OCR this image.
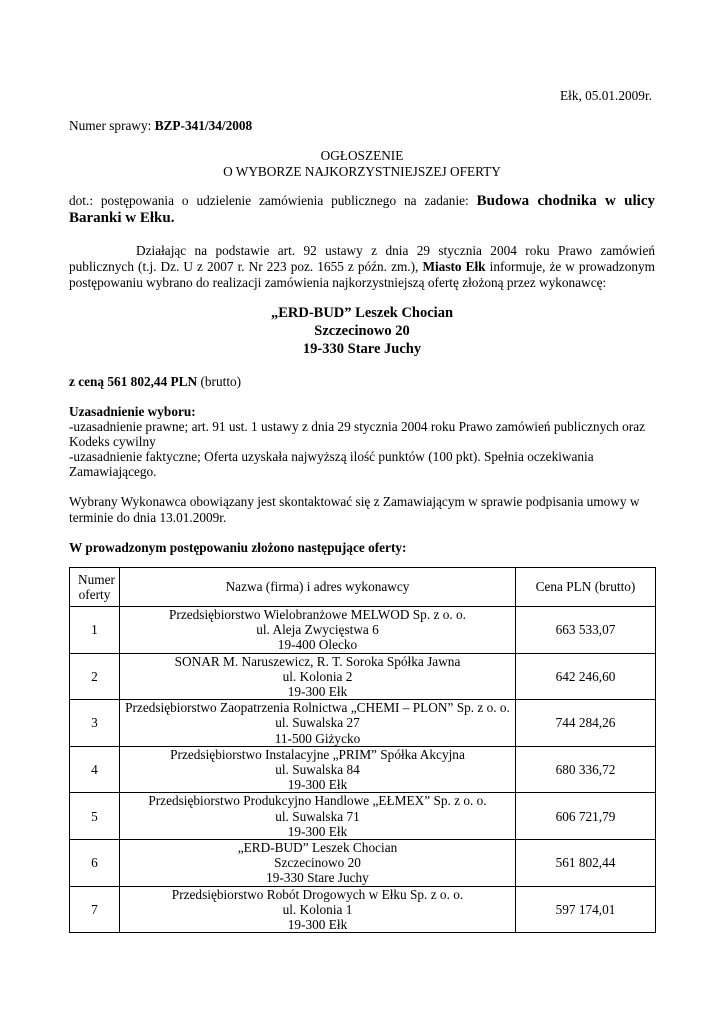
Ełk, 05.01.2009r.
Numer sprawy: BZP-341/34/2008
OGŁOSZENIE
O WYBORZE NAJKORZYSTNIEJSZEJ OFERTY
dot.: postępowania o udzielenie zamówienia publicznego na zadanie: Budowa chodnika w ulicy
Baranki w Ełku.
Działając na podstawie art. 92 ustawy z dnia 29 stycznia 2004 roku Prawo zamówień
publicznych (t.j. Dz. U z 2007 r. Nr 223 poz. 1655 z późn. zm.), Miasto Ełk informuje, że w prowadzonym
postępowaniu wybrano do realizacji zamówienia najkorzystniejszą ofertę złożoną przez wykonawcę:
„ERD-BUD” Leszek Chocian
Szczecinowo 20
19-330 Stare Juchy
z ceną 561 802,44 PLN (brutto)
Uzasadnienie wyboru:
-uzasadnienie prawne; art. 91 ust. 1 ustawy z dnia 29 stycznia 2004 roku Prawo zamówień publicznych oraz
Kodeks cywilny
-uzasadnienie faktyczne; Oferta uzyskała najwyższą ilość punktów (100 pkt). Spełnia oczekiwania
Zamawiającego.
Wybrany Wykonawca obowiązany jest skontaktować się z Zamawiającym w sprawie podpisania umowy w
terminie do dnia 13.01.2009r.
W prowadzonym postępowaniu złożono następujące oferty:
Numer oferty	Nazwa (firma) i adres wykonawcy	Cena PLN (brutto)
1	Przedsiębiorstwo Wielobranżowe MELWOD Sp. z o. o.
ul. Aleja Zwycięstwa 6
19-400 Olecko	663 533,07
2	SONAR M. Naruszewicz, R. T. Soroka Spółka Jawna
ul. Kolonia 2
19-300 Ełk	642 246,60
3	Przedsiębiorstwo Zaopatrzenia Rolnictwa „CHEMI – PLON” Sp. z o. o.
ul. Suwalska 27
11-500 Giżycko	744 284,26
4	Przedsiębiorstwo Instalacyjne „PRIM” Spółka Akcyjna
ul. Suwalska 84
19-300 Ełk	680 336,72
5	Przedsiębiorstwo Produkcyjno Handlowe „EŁMEX” Sp. z o. o.
ul. Suwalska 71
19-300 Ełk	606 721,79
6	„ERD-BUD” Leszek Chocian
Szczecinowo 20
19-330 Stare Juchy	561 802,44
7	Przedsiębiorstwo Robót Drogowych w Ełku Sp. z o. o.
ul. Kolonia 1
19-300 Ełk	597 174,01
